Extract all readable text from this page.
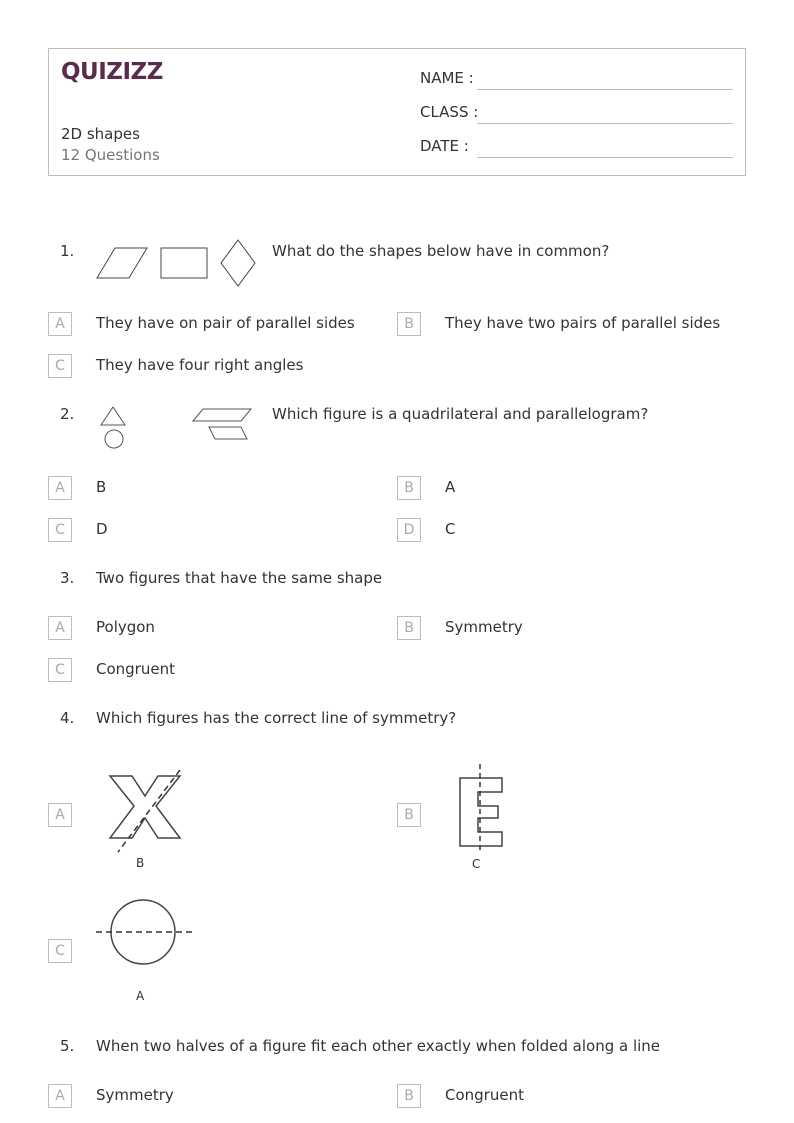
QUIZIZZ
2D shapes
12 Questions
NAME :
CLASS :
DATE :
1.	What do the shapes below have in common?
A	They have on pair of parallel sides	B	They have two pairs of parallel sides
C	They have four right angles
2.	Which figure is a quadrilateral and parallelogram?
A	B	B	A
C	D	D	C
3. Two figures that have the same shape
A	Polygon	B	Symmetry
C	Congruent
4. Which figures has the correct line of symmetry?
A
B
B
C
C
A
5. When two halves of a figure fit each other exactly when folded along a line
A	Symmetry	B	Congruent
